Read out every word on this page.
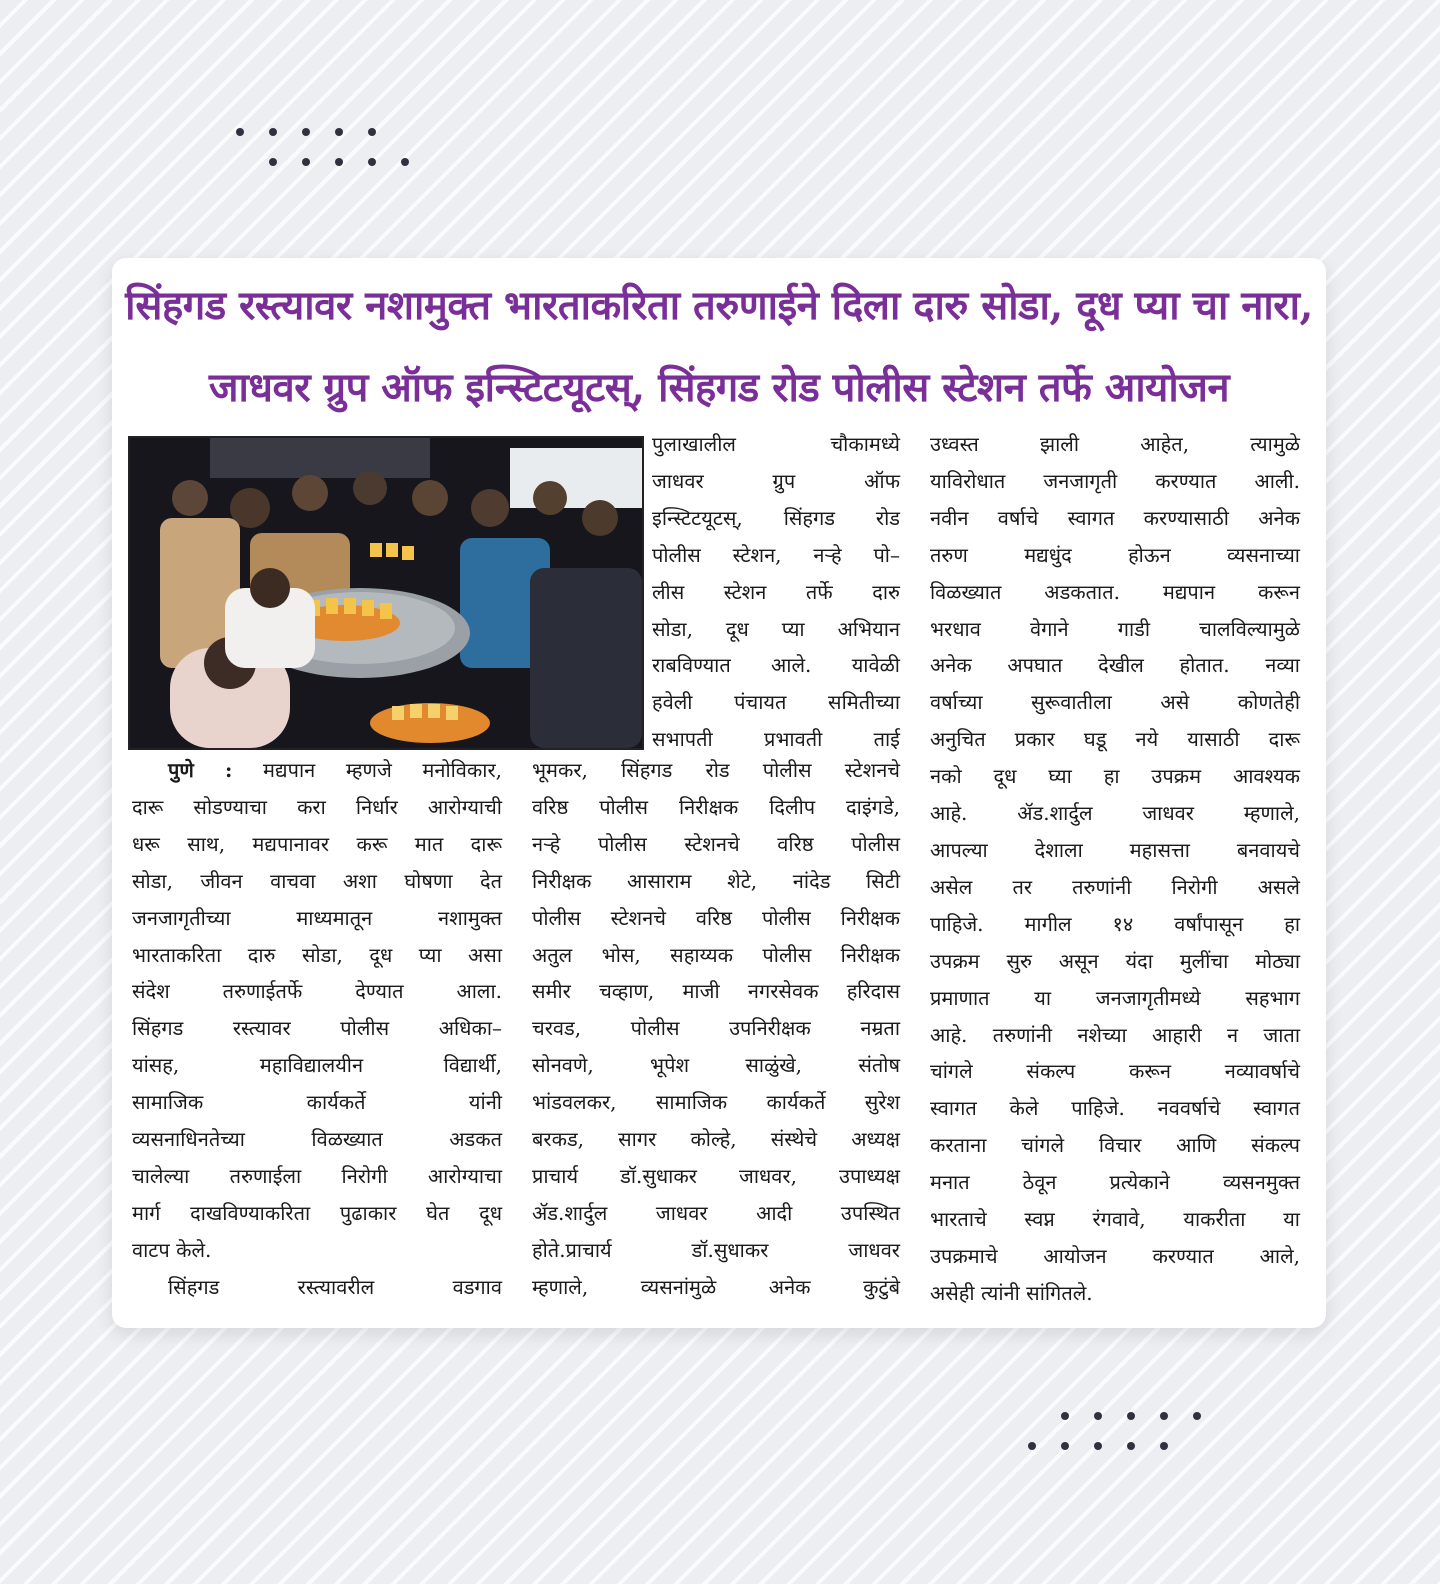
सिंहगड रस्त्यावर नशामुक्त भारताकरिता तरुणाईने दिला दारु सोडा, दूध प्या चा नारा,
जाधवर ग्रुप ऑफ इन्स्टिटयूटस्, सिंहगड रोड पोलीस स्टेशन तर्फे आयोजन
पुणे : मद्यपान म्हणजे मनोविकार,
दारू सोडण्याचा करा निर्धार आरोग्याची
धरू साथ, मद्यपानावर करू मात दारू
सोडा, जीवन वाचवा अशा घोषणा देत
जनजागृतीच्या माध्यमातून नशामुक्त
भारताकरिता दारु सोडा, दूध प्या असा
संदेश तरुणाईतर्फे देण्यात आला.
सिंहगड रस्त्यावर पोलीस अधिका–
यांसह, महाविद्यालयीन विद्यार्थी,
सामाजिक कार्यकर्ते यांनी
व्यसनाधिनतेच्या विळख्यात अडकत
चालेल्या तरुणाईला निरोगी आरोग्याचा
मार्ग दाखविण्याकरिता पुढाकार घेत दूध
वाटप केले.
सिंहगड रस्त्यावरील वडगाव
पुलाखालील चौकामध्ये
जाधवर ग्रुप ऑफ
इन्स्टिटयूटस्, सिंहगड रोड
पोलीस स्टेशन, नऱ्हे पो–
लीस स्टेशन तर्फे दारु
सोडा, दूध प्या अभियान
राबविण्यात आले. यावेळी
हवेली पंचायत समितीच्या
सभापती प्रभावती ताई
भूमकर, सिंहगड रोड पोलीस स्टेशनचे
वरिष्ठ पोलीस निरीक्षक दिलीप दाइंगडे,
नऱ्हे पोलीस स्टेशनचे वरिष्ठ पोलीस
निरीक्षक आसाराम शेटे, नांदेड सिटी
पोलीस स्टेशनचे वरिष्ठ पोलीस निरीक्षक
अतुल भोस, सहाय्यक पोलीस निरीक्षक
समीर चव्हाण, माजी नगरसेवक हरिदास
चरवड, पोलीस उपनिरीक्षक नम्रता
सोनवणे, भूपेश साळुंखे, संतोष
भांडवलकर, सामाजिक कार्यकर्ते सुरेश
बरकड, सागर कोल्हे, संस्थेचे अध्यक्ष
प्राचार्य डॉ.सुधाकर जाधवर, उपाध्यक्ष
ॲड.शार्दुल जाधवर आदी उपस्थित
होते.प्राचार्य डॉ.सुधाकर जाधवर
म्हणाले, व्यसनांमुळे अनेक कुटुंबे
उध्वस्त झाली आहेत, त्यामुळे
याविरोधात जनजागृती करण्यात आली.
नवीन वर्षाचे स्वागत करण्यासाठी अनेक
तरुण मद्यधुंद होऊन व्यसनाच्या
विळख्यात अडकतात. मद्यपान करून
भरधाव वेगाने गाडी चालविल्यामुळे
अनेक अपघात देखील होतात. नव्या
वर्षाच्या सुरूवातीला असे कोणतेही
अनुचित प्रकार घडू नये यासाठी दारू
नको दूध घ्या हा उपक्रम आवश्यक
आहे. ॲड.शार्दुल जाधवर म्हणाले,
आपल्या देशाला महासत्ता बनवायचे
असेल तर तरुणांनी निरोगी असले
पाहिजे. मागील १४ वर्षांपासून हा
उपक्रम सुरु असून यंदा मुलींचा मोठ्या
प्रमाणात या जनजागृतीमध्ये सहभाग
आहे. तरुणांनी नशेच्या आहारी न जाता
चांगले संकल्प करून नव्यावर्षाचे
स्वागत केले पाहिजे. नववर्षाचे स्वागत
करताना चांगले विचार आणि संकल्प
मनात ठेवून प्रत्येकाने व्यसनमुक्त
भारताचे स्वप्न रंगवावे, याकरीता या
उपक्रमाचे आयोजन करण्यात आले,
असेही त्यांनी सांगितले.
